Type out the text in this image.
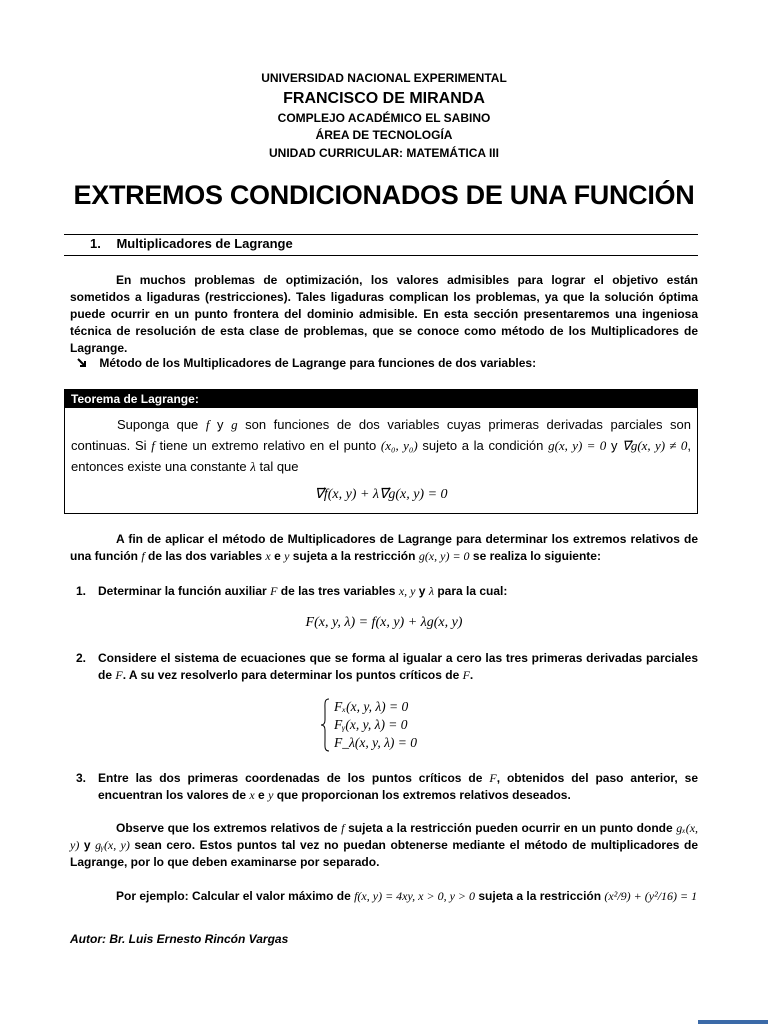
UNIVERSIDAD NACIONAL EXPERIMENTAL
FRANCISCO DE MIRANDA
COMPLEJO ACADÉMICO EL SABINO
ÁREA DE TECNOLOGÍA
UNIDAD CURRICULAR: MATEMÁTICA III
EXTREMOS CONDICIONADOS DE UNA FUNCIÓN
1. Multiplicadores de Lagrange
En muchos problemas de optimización, los valores admisibles para lograr el objetivo están sometidos a ligaduras (restricciones). Tales ligaduras complican los problemas, ya que la solución óptima puede ocurrir en un punto frontera del dominio admisible. En esta sección presentaremos una ingeniosa técnica de resolución de esta clase de problemas, que se conoce como método de los Multiplicadores de Lagrange.
Método de los Multiplicadores de Lagrange para funciones de dos variables:
Teorema de Lagrange:
Suponga que f y g son funciones de dos variables cuyas primeras derivadas parciales son continuas. Si f tiene un extremo relativo en el punto (x₀, y₀) sujeto a la condición g(x, y) = 0 y ∇⃗g(x, y) ≠ 0, entonces existe una constante λ tal que
∇⃗f(x, y) + λ∇⃗g(x, y) = 0
A fin de aplicar el método de Multiplicadores de Lagrange para determinar los extremos relativos de una función f de las dos variables x e y sujeta a la restricción g(x, y) = 0 se realiza lo siguiente:
1. Determinar la función auxiliar F de las tres variables x, y y λ para la cual:
F(x, y, λ) = f(x, y) + λg(x, y)
2. Considere el sistema de ecuaciones que se forma al igualar a cero las tres primeras derivadas parciales de F. A su vez resolverlo para determinar los puntos críticos de F.
Fₓ(x, y, λ) = 0
Fᵧ(x, y, λ) = 0
F_λ(x, y, λ) = 0
3. Entre las dos primeras coordenadas de los puntos críticos de F, obtenidos del paso anterior, se encuentran los valores de x e y que proporcionan los extremos relativos deseados.
Observe que los extremos relativos de f sujeta a la restricción pueden ocurrir en un punto donde gₓ(x, y) y gᵧ(x, y) sean cero. Estos puntos tal vez no puedan obtenerse mediante el método de multiplicadores de Lagrange, por lo que deben examinarse por separado.
Por ejemplo: Calcular el valor máximo de f(x, y) = 4xy, x > 0, y > 0 sujeta a la restricción (x²/9) + (y²/16) = 1
Autor: Br. Luis Ernesto Rincón Vargas
